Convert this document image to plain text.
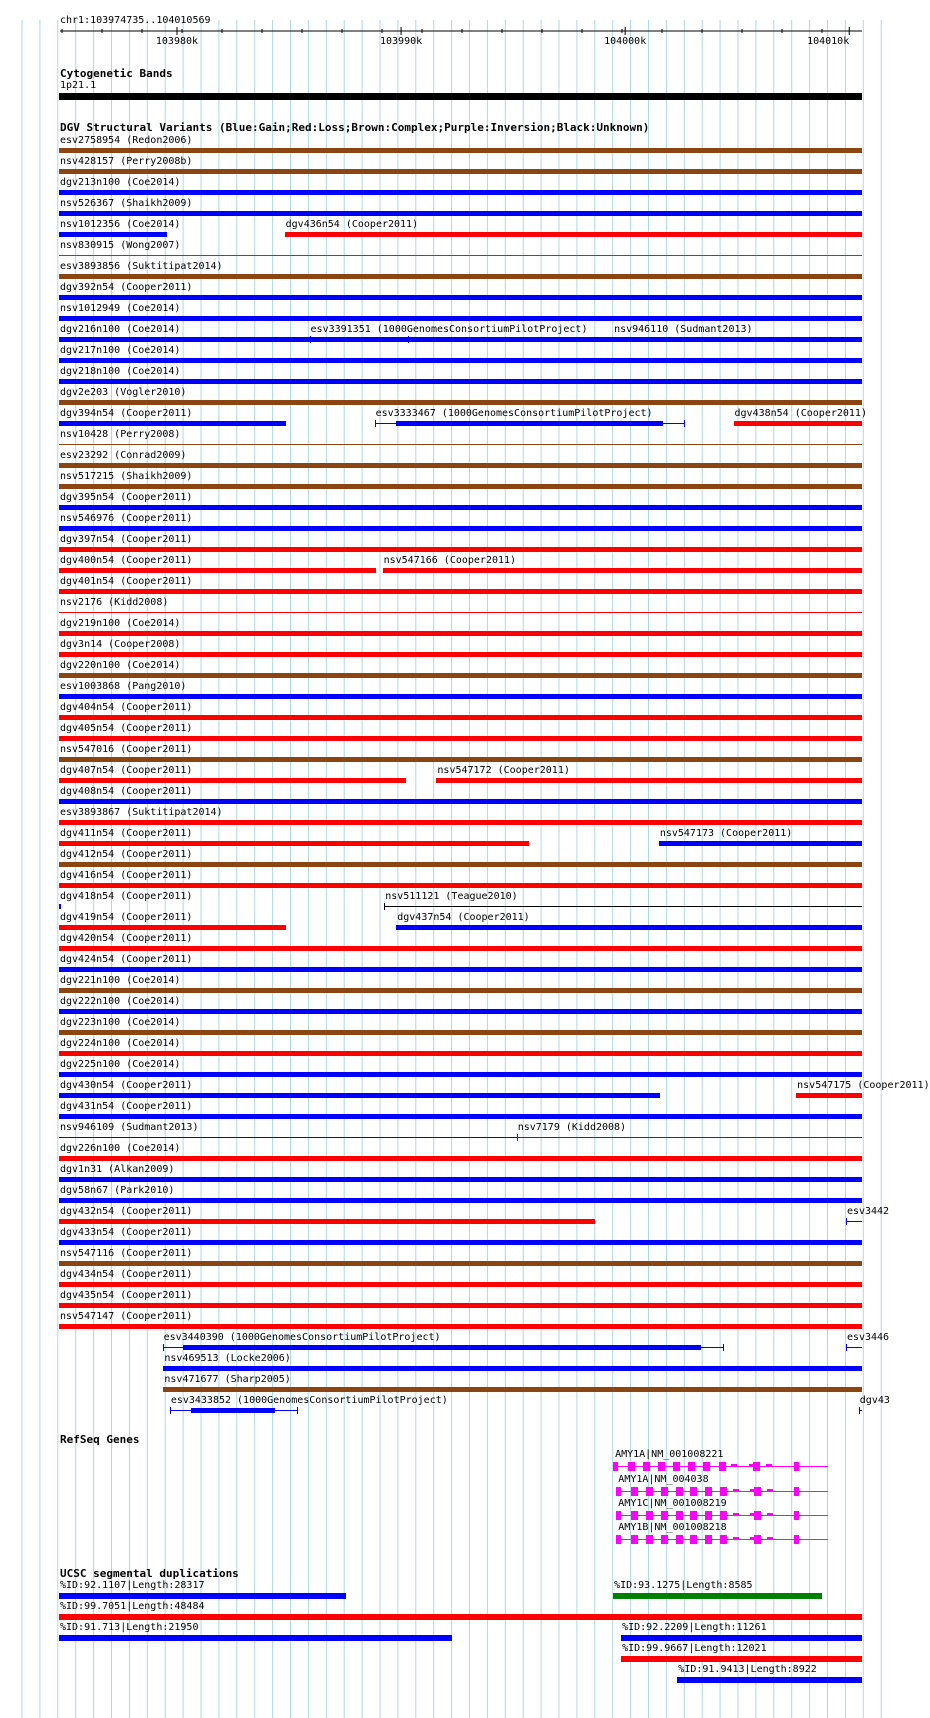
chr1:103974735..104010569
103980k	103990k	104000k	104010k
Cytogenetic Bands
1p21.1
DGV Structural Variants (Blue:Gain;Red:Loss;Brown:Complex;Purple:Inversion;Black:Unknown)
RefSeq Genes
UCSC segmental duplications
esv2758954 (Redon2006)
nsv428157 (Perry2008b)
dgv213n100 (Coe2014)
nsv526367 (Shaikh2009)
nsv1012356 (Coe2014)	dgv436n54 (Cooper2011)
nsv830915 (Wong2007)
esv3893856 (Suktitipat2014)
dgv392n54 (Cooper2011)
nsv1012949 (Coe2014)
dgv216n100 (Coe2014)	esv3391351 (1000GenomesConsortiumPilotProject)	nsv946110 (Sudmant2013)
dgv217n100 (Coe2014)
dgv218n100 (Coe2014)
dgv2e203 (Vogler2010)
dgv394n54 (Cooper2011)	esv3333467 (1000GenomesConsortiumPilotProject)	dgv438n54 (Cooper2011)
nsv10428 (Perry2008)
esv23292 (Conrad2009)
nsv517215 (Shaikh2009)
dgv395n54 (Cooper2011)
nsv546976 (Cooper2011)
dgv397n54 (Cooper2011)
dgv400n54 (Cooper2011)	nsv547166 (Cooper2011)
dgv401n54 (Cooper2011)
nsv2176 (Kidd2008)
dgv219n100 (Coe2014)
dgv3n14 (Cooper2008)
dgv220n100 (Coe2014)
esv1003868 (Pang2010)
dgv404n54 (Cooper2011)
dgv405n54 (Cooper2011)
nsv547016 (Cooper2011)
dgv407n54 (Cooper2011)	nsv547172 (Cooper2011)
dgv408n54 (Cooper2011)
esv3893867 (Suktitipat2014)
dgv411n54 (Cooper2011)	nsv547173 (Cooper2011)
dgv412n54 (Cooper2011)
dgv416n54 (Cooper2011)
dgv418n54 (Cooper2011)	nsv511121 (Teague2010)
dgv419n54 (Cooper2011)	dgv437n54 (Cooper2011)
dgv420n54 (Cooper2011)
dgv424n54 (Cooper2011)
dgv221n100 (Coe2014)
dgv222n100 (Coe2014)
dgv223n100 (Coe2014)
dgv224n100 (Coe2014)
dgv225n100 (Coe2014)
dgv430n54 (Cooper2011)	nsv547175 (Cooper2011)
dgv431n54 (Cooper2011)
nsv946109 (Sudmant2013)	nsv7179 (Kidd2008)
dgv226n100 (Coe2014)
dgv1n31 (Alkan2009)
dgv58n67 (Park2010)
dgv432n54 (Cooper2011)	esv3442
dgv433n54 (Cooper2011)
nsv547116 (Cooper2011)
dgv434n54 (Cooper2011)
dgv435n54 (Cooper2011)
nsv547147 (Cooper2011)
esv3440390 (1000GenomesConsortiumPilotProject)	esv3446
nsv469513 (Locke2006)
nsv471677 (Sharp2005)
esv3433852 (1000GenomesConsortiumPilotProject)	dgv43
AMY1A|NM_001008221
AMY1A|NM_004038
AMY1C|NM_001008219
AMY1B|NM_001008218
%ID:92.1107|Length:28317	%ID:93.1275|Length:8585
%ID:99.7051|Length:48484
%ID:91.713|Length:21950	%ID:92.2209|Length:11261
%ID:99.9667|Length:12021
%ID:91.9413|Length:8922
